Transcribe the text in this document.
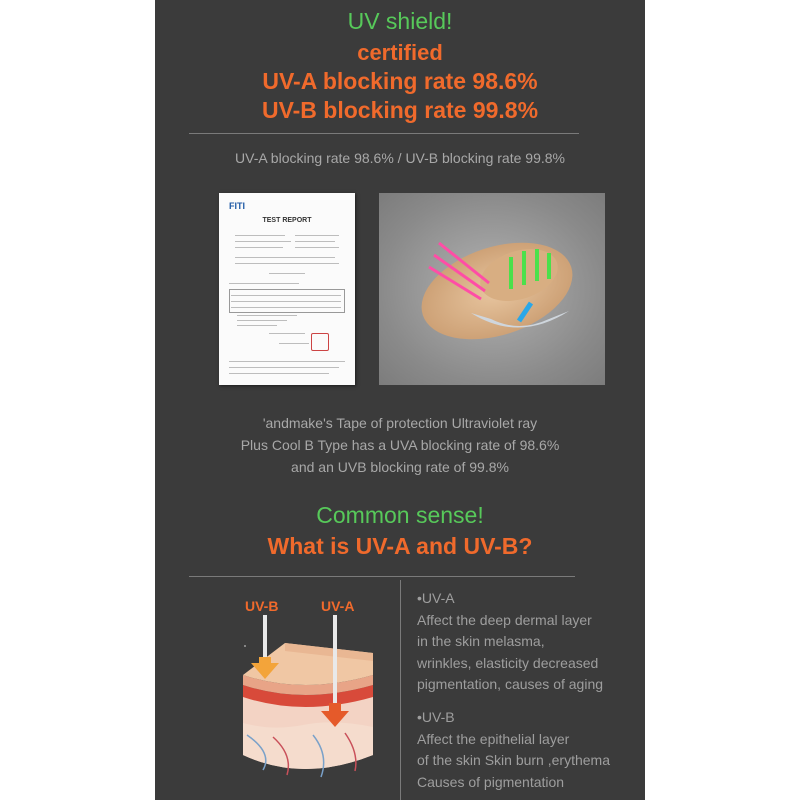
UV shield!
certified
UV-A blocking rate 98.6%
UV-B blocking rate 99.8%
UV-A blocking rate 98.6% / UV-B blocking rate 99.8%
FITI
TEST REPORT
'andmake's Tape of protection Ultraviolet ray
Plus Cool B Type has a UVA blocking rate of 98.6%
and an UVB blocking rate of 99.8%
Common sense!
What is UV-A and UV-B?
UV-B	UV-A	•UV-A
Affect the deep dermal layer
in the skin melasma,
wrinkles, elasticity decreased
pigmentation, causes of aging
•UV-B
Affect the epithelial layer
of the skin Skin burn ,erythema
Causes of pigmentation
